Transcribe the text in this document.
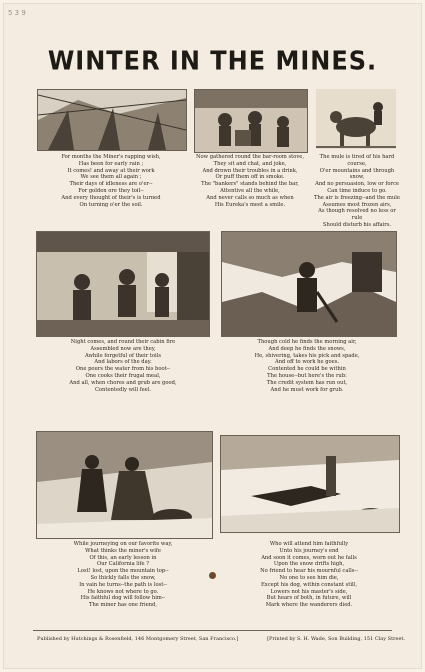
5 3 9
WINTER IN THE MINES.
For months the Miner's rapping wish,
Has been for early rain ;
It comes! and away at their work
We see them all again ;
Their days of idleness are o'er--
For golden ore they toil--
And every thought of their's is turned
On turning o'er the soil.
Now gathered round the bar-room stove,
They sit and chat, and joke,
And drown their troubles in a drink,
Or puff them off in smoke.
The "bankers" stands behind the bar,
Attentive all the while,
And never calls so much as when
His Eureka's meet a smile.
The mule is tired of his hard course,
O'er mountains and through snow,
And no persuasion, low or force
Can time induce to go.
The air is freezing--and the mule
Assumes most frozen airs,
As though resolved no less or rule
Should disturb his affairs.
Night comes, and round their cabin fire
Assembled now are they,
Awhile forgetful of their toils
And labors of the day.
One pours the water from his boot--
One cooks their frugal meal,
And all, when chores and grub are good,
Contentedly will feel.
Though cold he finds the morning air,
And deep he finds the snows,
He, shivering, takes his pick and spade,
And off to work he goes.
Contented he could be within
The house--but here's the rub:
The credit system has run out,
And he must work for grub.
While journeying on our favorite way,
What thinks the miner's wife
Of this, an early lesson in
Our California life ?
Lost! lost, upon the mountain top--
So thickly falls the snow,
In vain he turns--the path is lost--
He knows not where to go.
His faithful dog will follow him--
The miner has one friend,
Who will attend him faithfully
Unto his journey's end
And soon it comes, worn out he falls
Upon the snow drifts high,
No friend to hear his mournful calls--
No one to see him die,
Except his dog, within constant still,
Lowers not his master's side,
But hears of both, in future, will
Mark where the wanderers died.
Published by Hutchings & Rosenfield, 146 Montgomery Street, San Francisco.]	[Printed by S. H. Wade, Son Building, 151 Clay Street.
